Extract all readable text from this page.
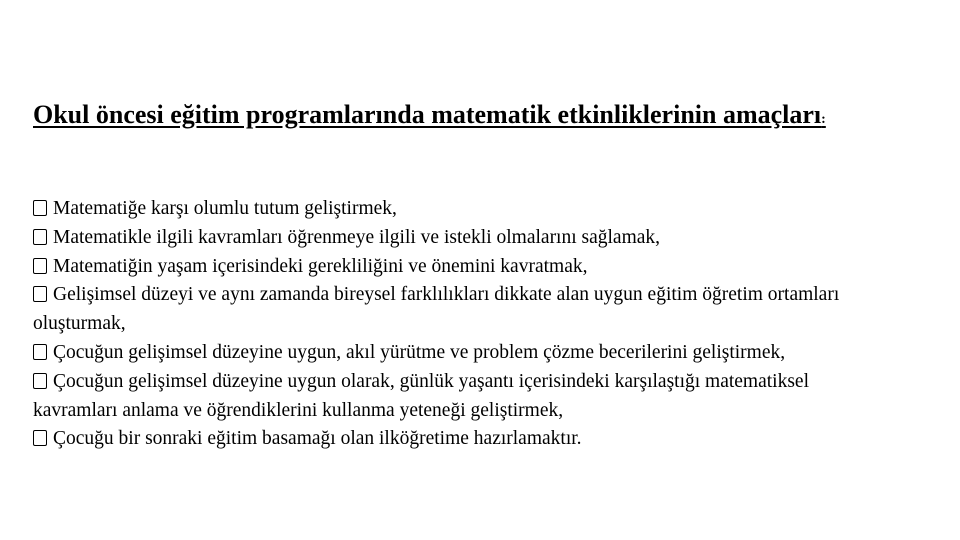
Okul öncesi eğitim programlarında matematik etkinliklerinin amaçları:
Matematiğe karşı olumlu tutum geliştirmek,
Matematikle ilgili kavramları öğrenmeye ilgili ve istekli olmalarını sağlamak,
Matematiğin yaşam içerisindeki gerekliliğini ve önemini kavratmak,
Gelişimsel düzeyi ve aynı zamanda bireysel farklılıkları dikkate alan uygun eğitim öğretim ortamları oluşturmak,
Çocuğun gelişimsel düzeyine uygun, akıl yürütme ve problem çözme becerilerini geliştirmek,
Çocuğun gelişimsel düzeyine uygun olarak, günlük yaşantı içerisindeki karşılaştığı matematiksel kavramları anlama ve öğrendiklerini kullanma yeteneği geliştirmek,
Çocuğu bir sonraki eğitim basamağı olan ilköğretime hazırlamaktır.
